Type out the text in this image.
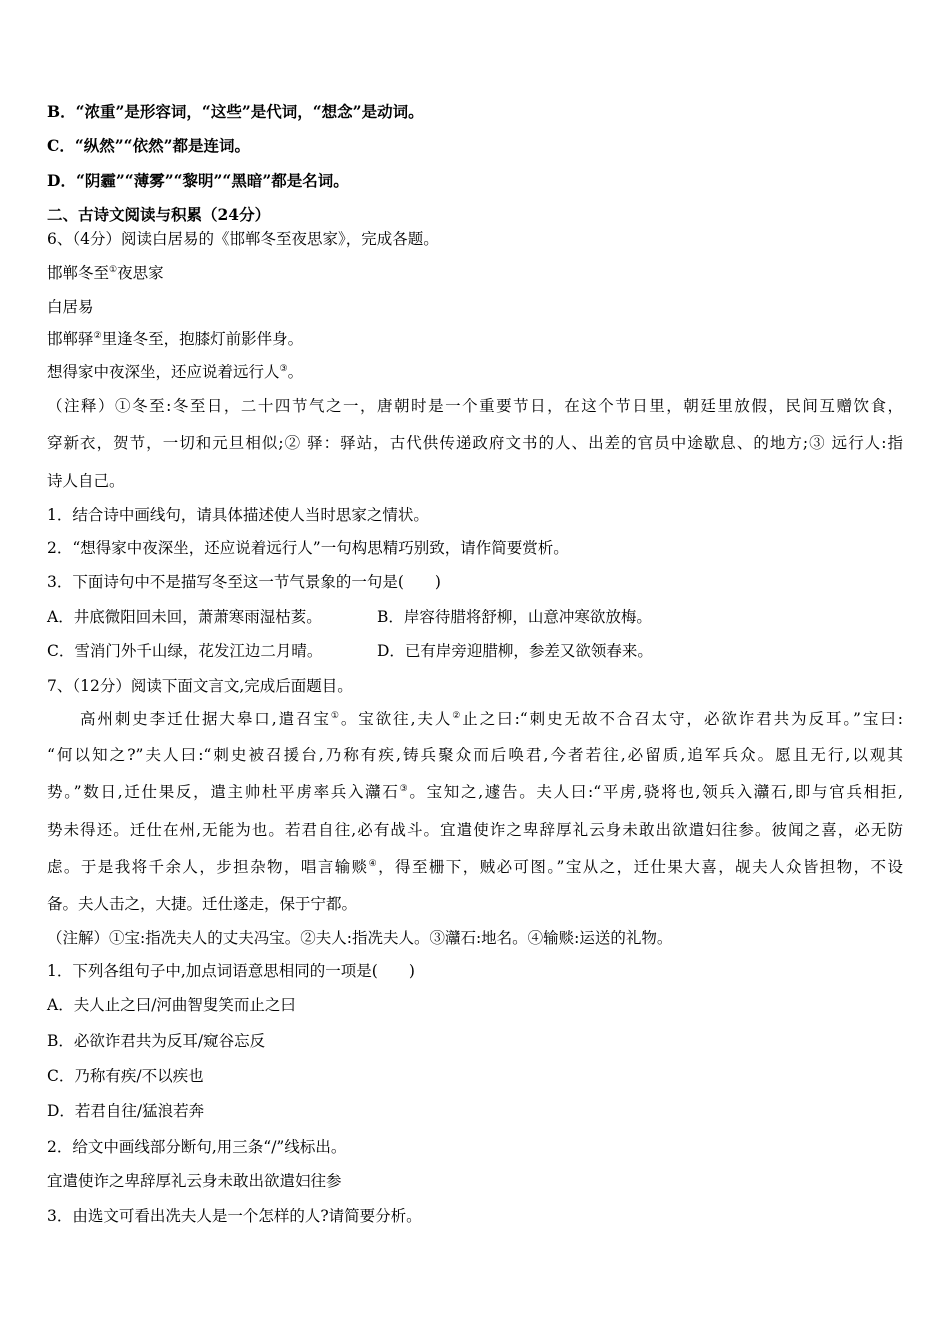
B．“浓重”是形容词，“这些”是代词，“想念”是动词。
C．“纵然”“依然”都是连词。
D．“阴霾”“薄雾”“黎明”“黑暗”都是名词。
二、古诗文阅读与积累（24分）
6、（4分）阅读白居易的《邯郸冬至夜思家》，完成各题。
邯郸冬至①夜思家
白居易
邯郸驿②里逢冬至，抱膝灯前影伴身。
想得家中夜深坐，还应说着远行人③。
（注释）①冬至:冬至日，二十四节气之一，唐朝时是一个重要节日，在这个节日里，朝廷里放假，民间互赠饮食，
穿新衣，贺节，一切和元旦相似;② 驿：驿站，古代供传递政府文书的人、出差的官员中途歇息、的地方;③ 远行人:指
诗人自己。
1．结合诗中画线句，请具体描述使人当时思家之情状。
2．“想得家中夜深坐，还应说着远行人”一句构思精巧别致，请作简要赏析。
3．下面诗句中不是描写冬至这一节气景象的一句是(　　)
A．井底微阳回未回，萧萧寒雨湿枯荄。	B．岸容待腊将舒柳，山意冲寒欲放梅。
C．雪消门外千山绿，花发江边二月晴。	D．已有岸旁迎腊柳，参差又欲领春来。
7、（12分）阅读下面文言文,完成后面题目。
高州刺史李迁仕据大皋口,遣召宝①。宝欲往,夫人②止之曰:“刺史无故不合召太守，必欲诈君共为反耳。”宝曰:
“何以知之?”夫人曰:“刺史被召援台,乃称有疾,铸兵聚众而后唤君,今者若往,必留质,追军兵众。愿且无行,以观其
势。”数日,迁仕果反，遣主帅杜平虏率兵入灨石③。宝知之,遽告。夫人曰:“平虏,骁将也,领兵入灨石,即与官兵相拒,
势未得还。迁仕在州,无能为也。若君自往,必有战斗。宜遣使诈之卑辞厚礼云身未敢出欲遣妇往参。彼闻之喜，必无防
虑。于是我将千余人，步担杂物，唱言输赕④，得至栅下，贼必可图。”宝从之，迁仕果大喜，觇夫人众皆担物，不设
备。夫人击之，大捷。迁仕遂走，保于宁都。
（注解）①宝:指冼夫人的丈夫冯宝。②夫人:指冼夫人。③灨石:地名。④输赕:运送的礼物。
1．下列各组句子中,加点词语意思相同的一项是(　　)
A．夫人止之曰/河曲智叟笑而止之曰
B．必欲诈君共为反耳/窥谷忘反
C．乃称有疾/不以疾也
D．若君自往/猛浪若奔
2．给文中画线部分断句,用三条“/”线标出。
宜遣使诈之卑辞厚礼云身未敢出欲遣妇往参
3．由选文可看出冼夫人是一个怎样的人?请简要分析。
